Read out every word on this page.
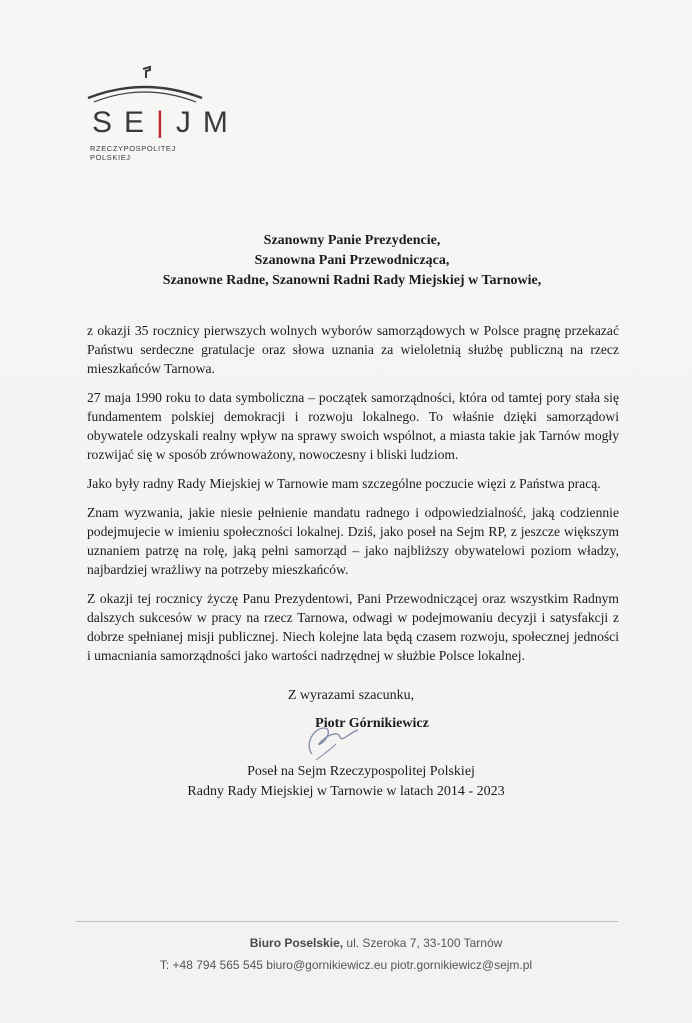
SE|JM
RZECZYPOSPOLITEJ POLSKIEJ
Szanowny Panie Prezydencie,
Szanowna Pani Przewodnicząca,
Szanowne Radne, Szanowni Radni Rady Miejskiej w Tarnowie,

z okazji 35 rocznicy pierwszych wolnych wyborów samorządowych w Polsce pragnę przekazać Państwu serdeczne gratulacje oraz słowa uznania za wieloletnią służbę publiczną na rzecz mieszkańców Tarnowa.

27 maja 1990 roku to data symboliczna – początek samorządności, która od tamtej pory stała się fundamentem polskiej demokracji i rozwoju lokalnego. To właśnie dzięki samorządowi obywatele odzyskali realny wpływ na sprawy swoich wspólnot, a miasta takie jak Tarnów mogły rozwijać się w sposób zrównoważony, nowoczesny i bliski ludziom.

Jako były radny Rady Miejskiej w Tarnowie mam szczególne poczucie więzi z Państwa pracą.

Znam wyzwania, jakie niesie pełnienie mandatu radnego i odpowiedzialność, jaką codziennie podejmujecie w imieniu społeczności lokalnej. Dziś, jako poseł na Sejm RP, z jeszcze większym uznaniem patrzę na rolę, jaką pełni samorząd – jako najbliższy obywatelowi poziom władzy, najbardziej wrażliwy na potrzeby mieszkańców.

Z okazji tej rocznicy życzę Panu Prezydentowi, Pani Przewodniczącej oraz wszystkim Radnym dalszych sukcesów w pracy na rzecz Tarnowa, odwagi w podejmowaniu decyzji i satysfakcji z dobrze spełnianej misji publicznej. Niech kolejne lata będą czasem rozwoju, społecznej jedności i umacniania samorządności jako wartości nadrzędnej w służbie Polsce lokalnej.

Z wyrazami szacunku,
Piotr Górnikiewicz
Poseł na Sejm Rzeczypospolitej Polskiej
Radny Rady Miejskiej w Tarnowie w latach 2014 - 2023
Biuro Poselskie, ul. Szeroka 7, 33-100 Tarnów
T: +48 794 565 545 biuro@gornikiewicz.eu piotr.gornikiewicz@sejm.pl
